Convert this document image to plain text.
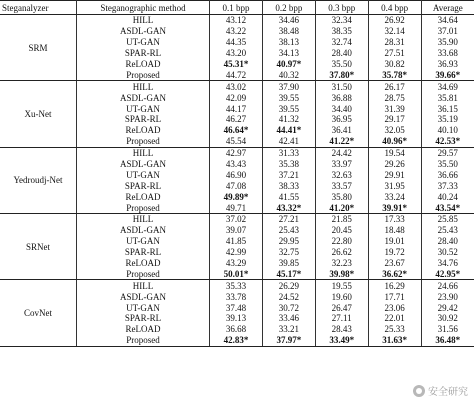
Steganalyzer	Steganographic method	0.1 bpp	0.2 bpp	0.3 bpp	0.4 bpp	Average
SRM	HILL	43.12	34.46	32.34	26.92	34.64
	ASDL-GAN	43.22	38.48	38.35	32.14	37.01
	UT-GAN	44.35	38.13	32.74	28.31	35.90
	SPAR-RL	43.20	34.13	28.40	27.51	33.68
	ReLOAD	45.31*	40.97*	35.50	30.82	36.93
	Proposed	44.72	40.32	37.80*	35.78*	39.66*
Xu-Net	HILL	43.02	37.90	31.50	26.17	34.69
	ASDL-GAN	42.09	39.55	36.88	28.75	35.81
	UT-GAN	44.17	39.55	34.40	31.39	36.15
	SPAR-RL	46.27	41.32	36.95	29.17	35.19
	ReLOAD	46.64*	44.41*	36.41	32.05	40.10
	Proposed	45.54	42.41	41.22*	40.96*	42.53*
Yedroudj-Net	HILL	42.97	31.33	24.42	19.54	29.57
	ASDL-GAN	43.43	35.38	33.97	29.26	35.50
	UT-GAN	46.90	37.21	32.63	29.91	36.66
	SPAR-RL	47.08	38.33	33.57	31.95	37.33
	ReLOAD	49.89*	41.55	35.80	33.24	40.24
	Proposed	49.71	43.32*	41.20*	39.91*	43.54*
SRNet	HILL	37.02	27.21	21.85	17.33	25.85
	ASDL-GAN	39.07	25.43	20.45	18.48	25.43
	UT-GAN	41.85	29.95	22.80	19.01	28.40
	SPAR-RL	42.99	32.75	26.62	19.72	30.52
	ReLOAD	43.29	39.85	32.23	23.67	34.76
	Proposed	50.01*	45.17*	39.98*	36.62*	42.95*
CovNet	HILL	35.33	26.29	19.55	16.29	24.66
	ASDL-GAN	33.78	24.52	19.60	17.71	23.90
	UT-GAN	37.48	30.72	26.47	23.06	29.42
	SPAR-RL	39.13	33.46	27.11	22.01	30.92
	ReLOAD	36.68	33.21	28.43	25.33	31.56
	Proposed	42.83*	37.97*	33.49*	31.63*	36.48*
安全研究
